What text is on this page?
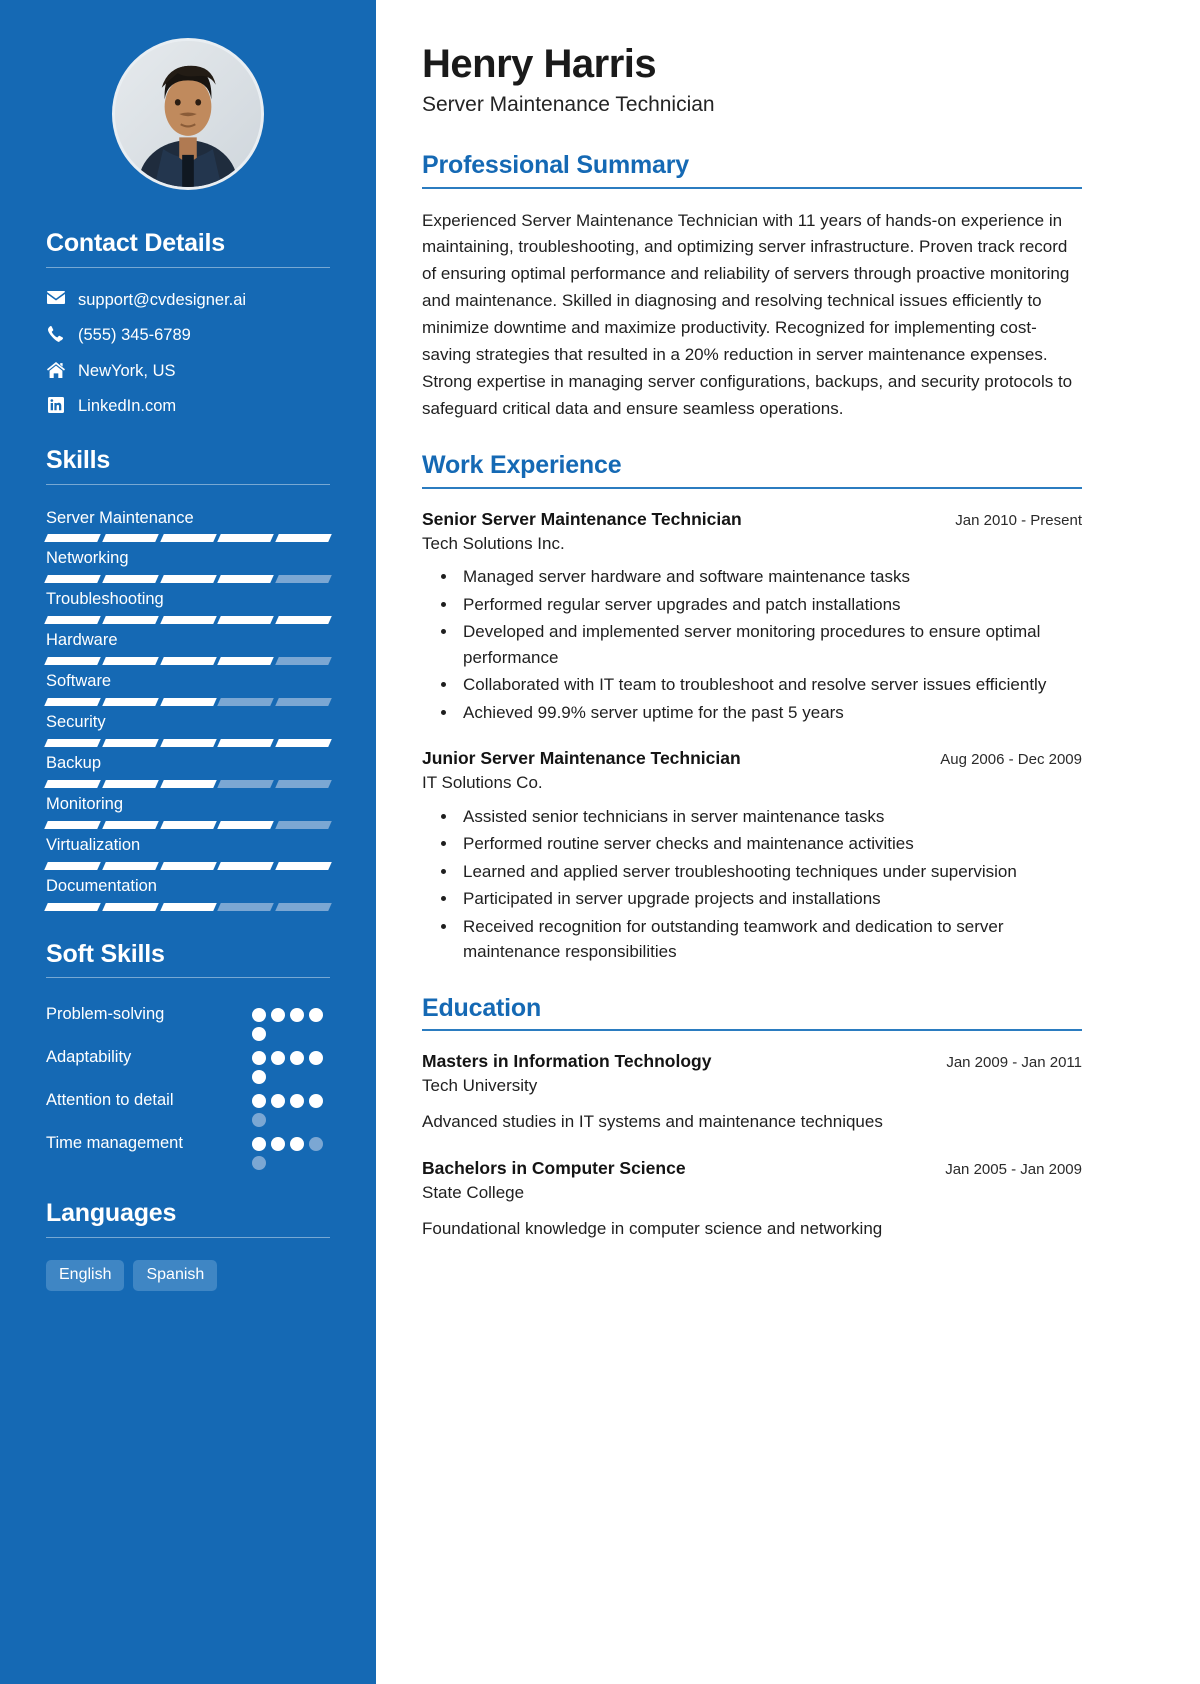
Contact Details
support@cvdesigner.ai
(555) 345-6789
NewYork, US
LinkedIn.com
Skills
Server Maintenance
Networking
Troubleshooting
Hardware
Software
Security
Backup
Monitoring
Virtualization
Documentation
Soft Skills
Problem-solving
Adaptability
Attention to detail
Time management
Languages
English	Spanish
Henry Harris
Server Maintenance Technician
Professional Summary

Experienced Server Maintenance Technician with 11 years of hands-on experience in maintaining, troubleshooting, and optimizing server infrastructure. Proven track record of ensuring optimal performance and reliability of servers through proactive monitoring and maintenance. Skilled in diagnosing and resolving technical issues efficiently to minimize downtime and maximize productivity. Recognized for implementing cost-saving strategies that resulted in a 20% reduction in server maintenance expenses. Strong expertise in managing server configurations, backups, and security protocols to safeguard critical data and ensure seamless operations.

Work Experience
Senior Server Maintenance Technician	Jan 2010 - Present
Tech Solutions Inc.
• Managed server hardware and software maintenance tasks
• Performed regular server upgrades and patch installations
• Developed and implemented server monitoring procedures to ensure optimal performance
• Collaborated with IT team to troubleshoot and resolve server issues efficiently
• Achieved 99.9% server uptime for the past 5 years
Junior Server Maintenance Technician	Aug 2006 - Dec 2009
IT Solutions Co.
• Assisted senior technicians in server maintenance tasks
• Performed routine server checks and maintenance activities
• Learned and applied server troubleshooting techniques under supervision
• Participated in server upgrade projects and installations
• Received recognition for outstanding teamwork and dedication to server maintenance responsibilities
Education
Masters in Information Technology	Jan 2009 - Jan 2011
Tech University
Advanced studies in IT systems and maintenance techniques
Bachelors in Computer Science	Jan 2005 - Jan 2009
State College
Foundational knowledge in computer science and networking
